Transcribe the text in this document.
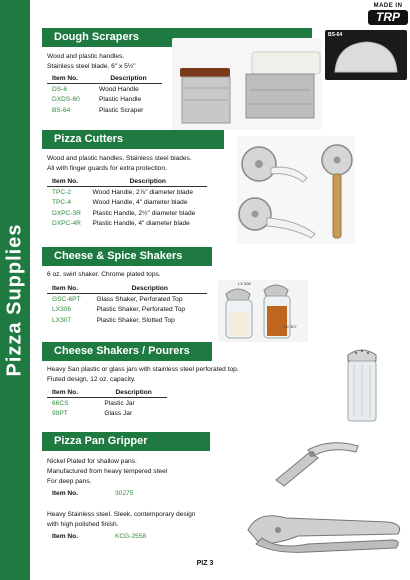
Pizza Supplies
MADE IN
TRP
Dough Scrapers
Wood and plastic handles.
Stainless steel blade. 6" x 5½"
Item No.	Description
DS-6	Wood Handle
DXDS-60	Plastic Handle
BS-64	Plastic Scraper
BS-64
Pizza Cutters
Wood and plastic handles. Stainless steel blades.
All with finger guards for extra protection.
Item No.	Description
TPC-2	Wood Handle, 2⅞" diameter blade
TPC-4	Wood Handle, 4" diameter blade
DXPC-3R	Plastic Handle, 2½" diameter blade
DXPC-4R	Plastic Handle, 4" diameter blade
Cheese & Spice Shakers
6 oz. swirl shaker. Chrome plated tops.
Item No.	Description
GSC-6PT	Glass Shaker, Perforated Top
LX306	Plastic Shaker, Perforated Top
LX307	Plastic Shaker, Slotted Top
LX 306
LX 307
Cheese Shakers / Pourers
Heavy San plastic or glass jars with stainless steel perforated top.
Fluted design, 12 oz. capacity.
Item No.	Description
66CS	Plastic Jar
99PT	Glass Jar
Pizza Pan Gripper
Nickel Plated for shallow pans.
Manufactured from heavy tempered steel
For deep pans.
Item No.	30275
Heavy Stainless steel. Sleek, contemporary design
with high polished finish.
Item No.	KCG-2558
PIZ 3
